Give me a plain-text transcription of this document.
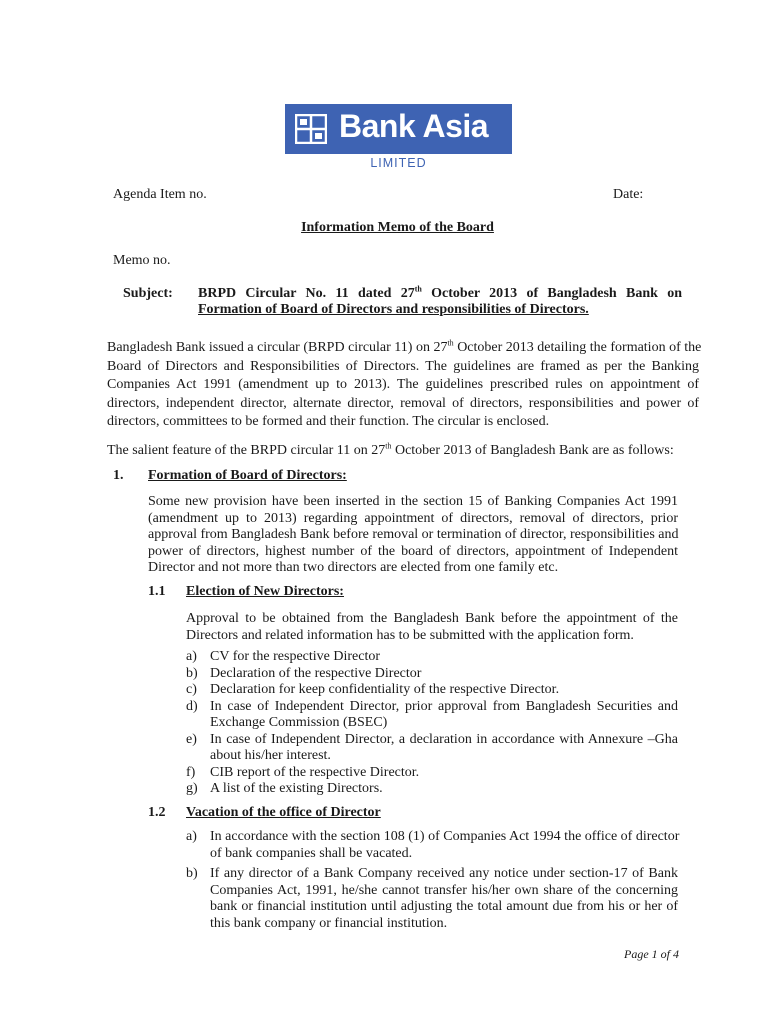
Bank Asia
LIMITED
Agenda Item no.	Date:
Information Memo of the Board
Memo no.
Subject: BRPD Circular No. 11 dated 27th October 2013 of Bangladesh Bank on
Formation of Board of Directors and responsibilities of Directors.
Bangladesh Bank issued a circular (BRPD circular 11) on 27th October 2013 detailing the formation of the
Board of Directors and Responsibilities of Directors. The guidelines are framed as per the Banking
Companies Act 1991 (amendment up to 2013). The guidelines prescribed rules on appointment of
directors, independent director, alternate director, removal of directors, responsibilities and power of
directors, committees to be formed and their function. The circular is enclosed.
The salient feature of the BRPD circular 11 on 27th October 2013 of Bangladesh Bank are as follows:
1. Formation of Board of Directors:
Some new provision have been inserted in the section 15 of Banking Companies Act 1991
(amendment up to 2013) regarding appointment of directors, removal of directors, prior
approval from Bangladesh Bank before removal or termination of director, responsibilities and
power of directors, highest number of the board of directors, appointment of Independent
Director and not more than two directors are elected from one family etc.
1.1 Election of New Directors:
Approval to be obtained from the Bangladesh Bank before the appointment of the
Directors and related information has to be submitted with the application form.
a) CV for the respective Director
b) Declaration of the respective Director
c) Declaration for keep confidentiality of the respective Director.
d) In case of Independent Director, prior approval from Bangladesh Securities and
Exchange Commission (BSEC)
e) In case of Independent Director, a declaration in accordance with Annexure –Gha
about his/her interest.
f)	CIB report of the respective Director.
g) A list of the existing Directors.
1.2 Vacation of the office of Director
a) In accordance with the section 108 (1) of Companies Act 1994 the office of director
of bank companies shall be vacated.
b) If any director of a Bank Company received any notice under section-17 of Bank
Companies Act, 1991, he/she cannot transfer his/her own share of the concerning
bank or financial institution until adjusting the total amount due from his or her of
this bank company or financial institution.
Page 1 of 4
